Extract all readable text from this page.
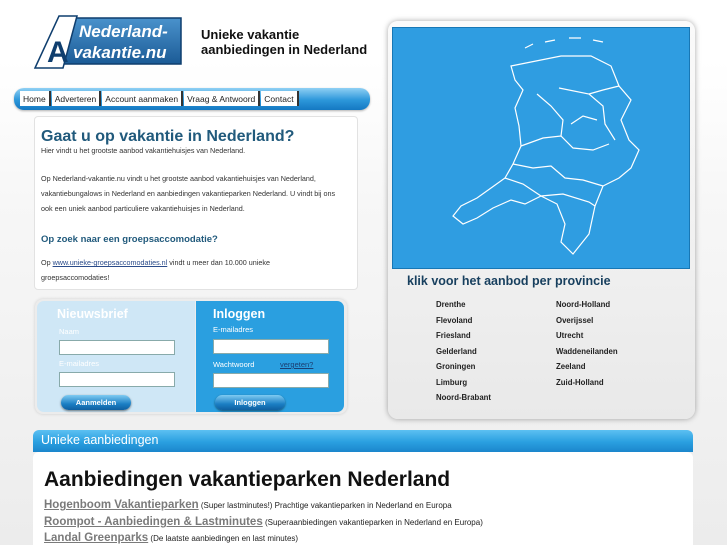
A
Nederland-
vakantie.nu
Unieke vakantie
aanbiedingen in Nederland
Home	Adverteren	Account aanmaken	Vraag & Antwoord	Contact
Gaat u op vakantie in Nederland?
Hier vindt u het grootste aanbod vakantiehuisjes van Nederland.

Op Nederland-vakantie.nu vindt u het grootste aanbod vakantiehuisjes van Nederland, vakantiebungalows in Nederland en aanbiedingen vakantieparken Nederland. U vindt bij ons ook een uniek aanbod particuliere vakantiehuisjes in Nederland.

Op zoek naar een groepsaccomodatie?

Op www.unieke-groepsaccomodaties.nl vindt u meer dan 10.000 unieke groepsaccomodaties!

Nieuwsbrief
Naam
E-mailadres
Aanmelden
Inloggen
E-mailadres
Wachtwoord	vergeten?
Inloggen
klik voor het aanbod per provincie
Drenthe
Flevoland
Friesland
Gelderland
Groningen
Limburg
Noord-Brabant
Noord-Holland
Overijssel
Utrecht
Waddeneilanden
Zeeland
Zuid-Holland
Unieke aanbiedingen
Aanbiedingen vakantieparken Nederland
Hogenboom Vakantieparken (Super lastminutes!) Prachtige vakantieparken in Nederland en Europa
Roompot - Aanbiedingen & Lastminutes (Superaanbiedingen vakantieparken in Nederland en Europa)
Landal Greenparks (De laatste aanbiedingen en last minutes)
